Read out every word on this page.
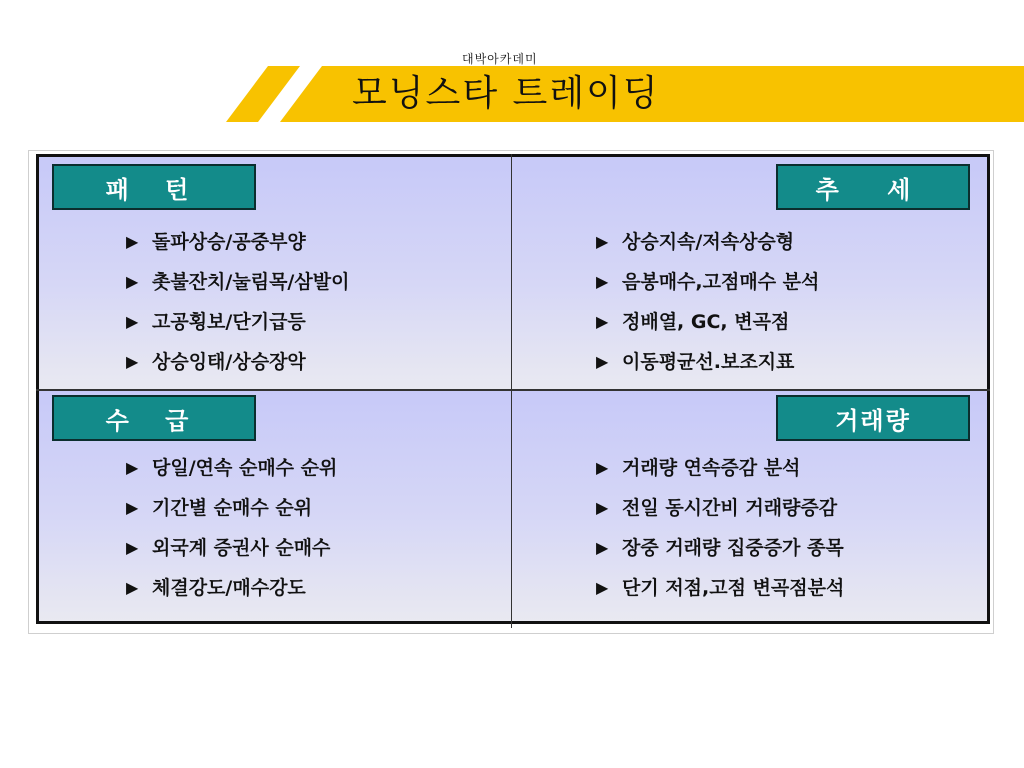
대박아카데미
모닝스타 트레이딩
패 턴
▶ 돌파상승/공중부양
▶ 촛불잔치/눌림목/삼발이
▶ 고공횡보/단기급등
▶ 상승잉태/상승장악
추 세
▶ 상승지속/저속상승형
▶ 음봉매수,고점매수 분석
▶ 정배열, GC, 변곡점
▶ 이동평균선.보조지표
수 급
▶ 당일/연속 순매수 순위
▶ 기간별 순매수 순위
▶ 외국계 증권사 순매수
▶ 체결강도/매수강도
거래량
▶ 거래량 연속증감 분석
▶ 전일 동시간비 거래량증감
▶ 장중 거래량 집중증가 종목
▶ 단기 저점,고점 변곡점분석
